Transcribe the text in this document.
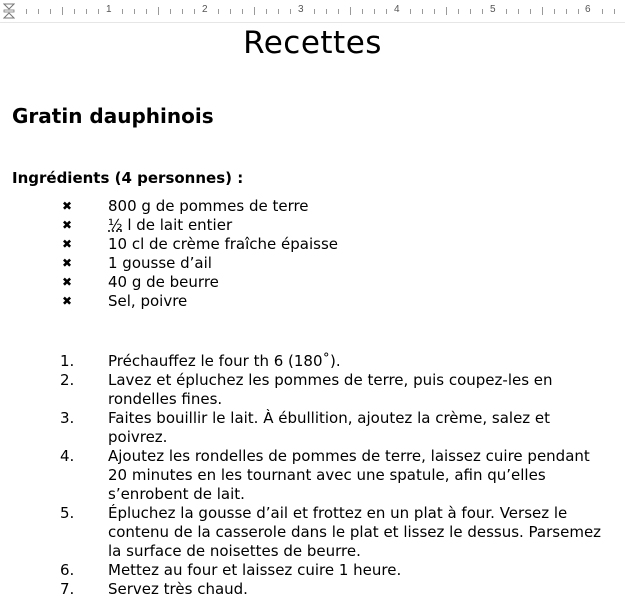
1	2	3	4	5	6
Recettes
Gratin dauphinois
Ingrédients (4 personnes) :
✖ 800 g de pommes de terre
✖ ½ l de lait entier
✖ 10 cl de crème fraîche épaisse
✖ 1 gousse d’ail
✖ 40 g de beurre
✖ Sel, poivre
1. Préchauffez le four th 6 (180˚).
2. Lavez et épluchez les pommes de terre, puis coupez-les en rondelles fines.
3. Faites bouillir le lait. À ébullition, ajoutez la crème, salez et poivrez.
4. Ajoutez les rondelles de pommes de terre, laissez cuire pendant 20 minutes en les tournant avec une spatule, afin qu’elles s’enrobent de lait.
5. Épluchez la gousse d’ail et frottez en un plat à four. Versez le contenu de la casserole dans le plat et lissez le dessus. Parsemez la surface de noisettes de beurre.
6. Mettez au four et laissez cuire 1 heure.
7. Servez très chaud.
